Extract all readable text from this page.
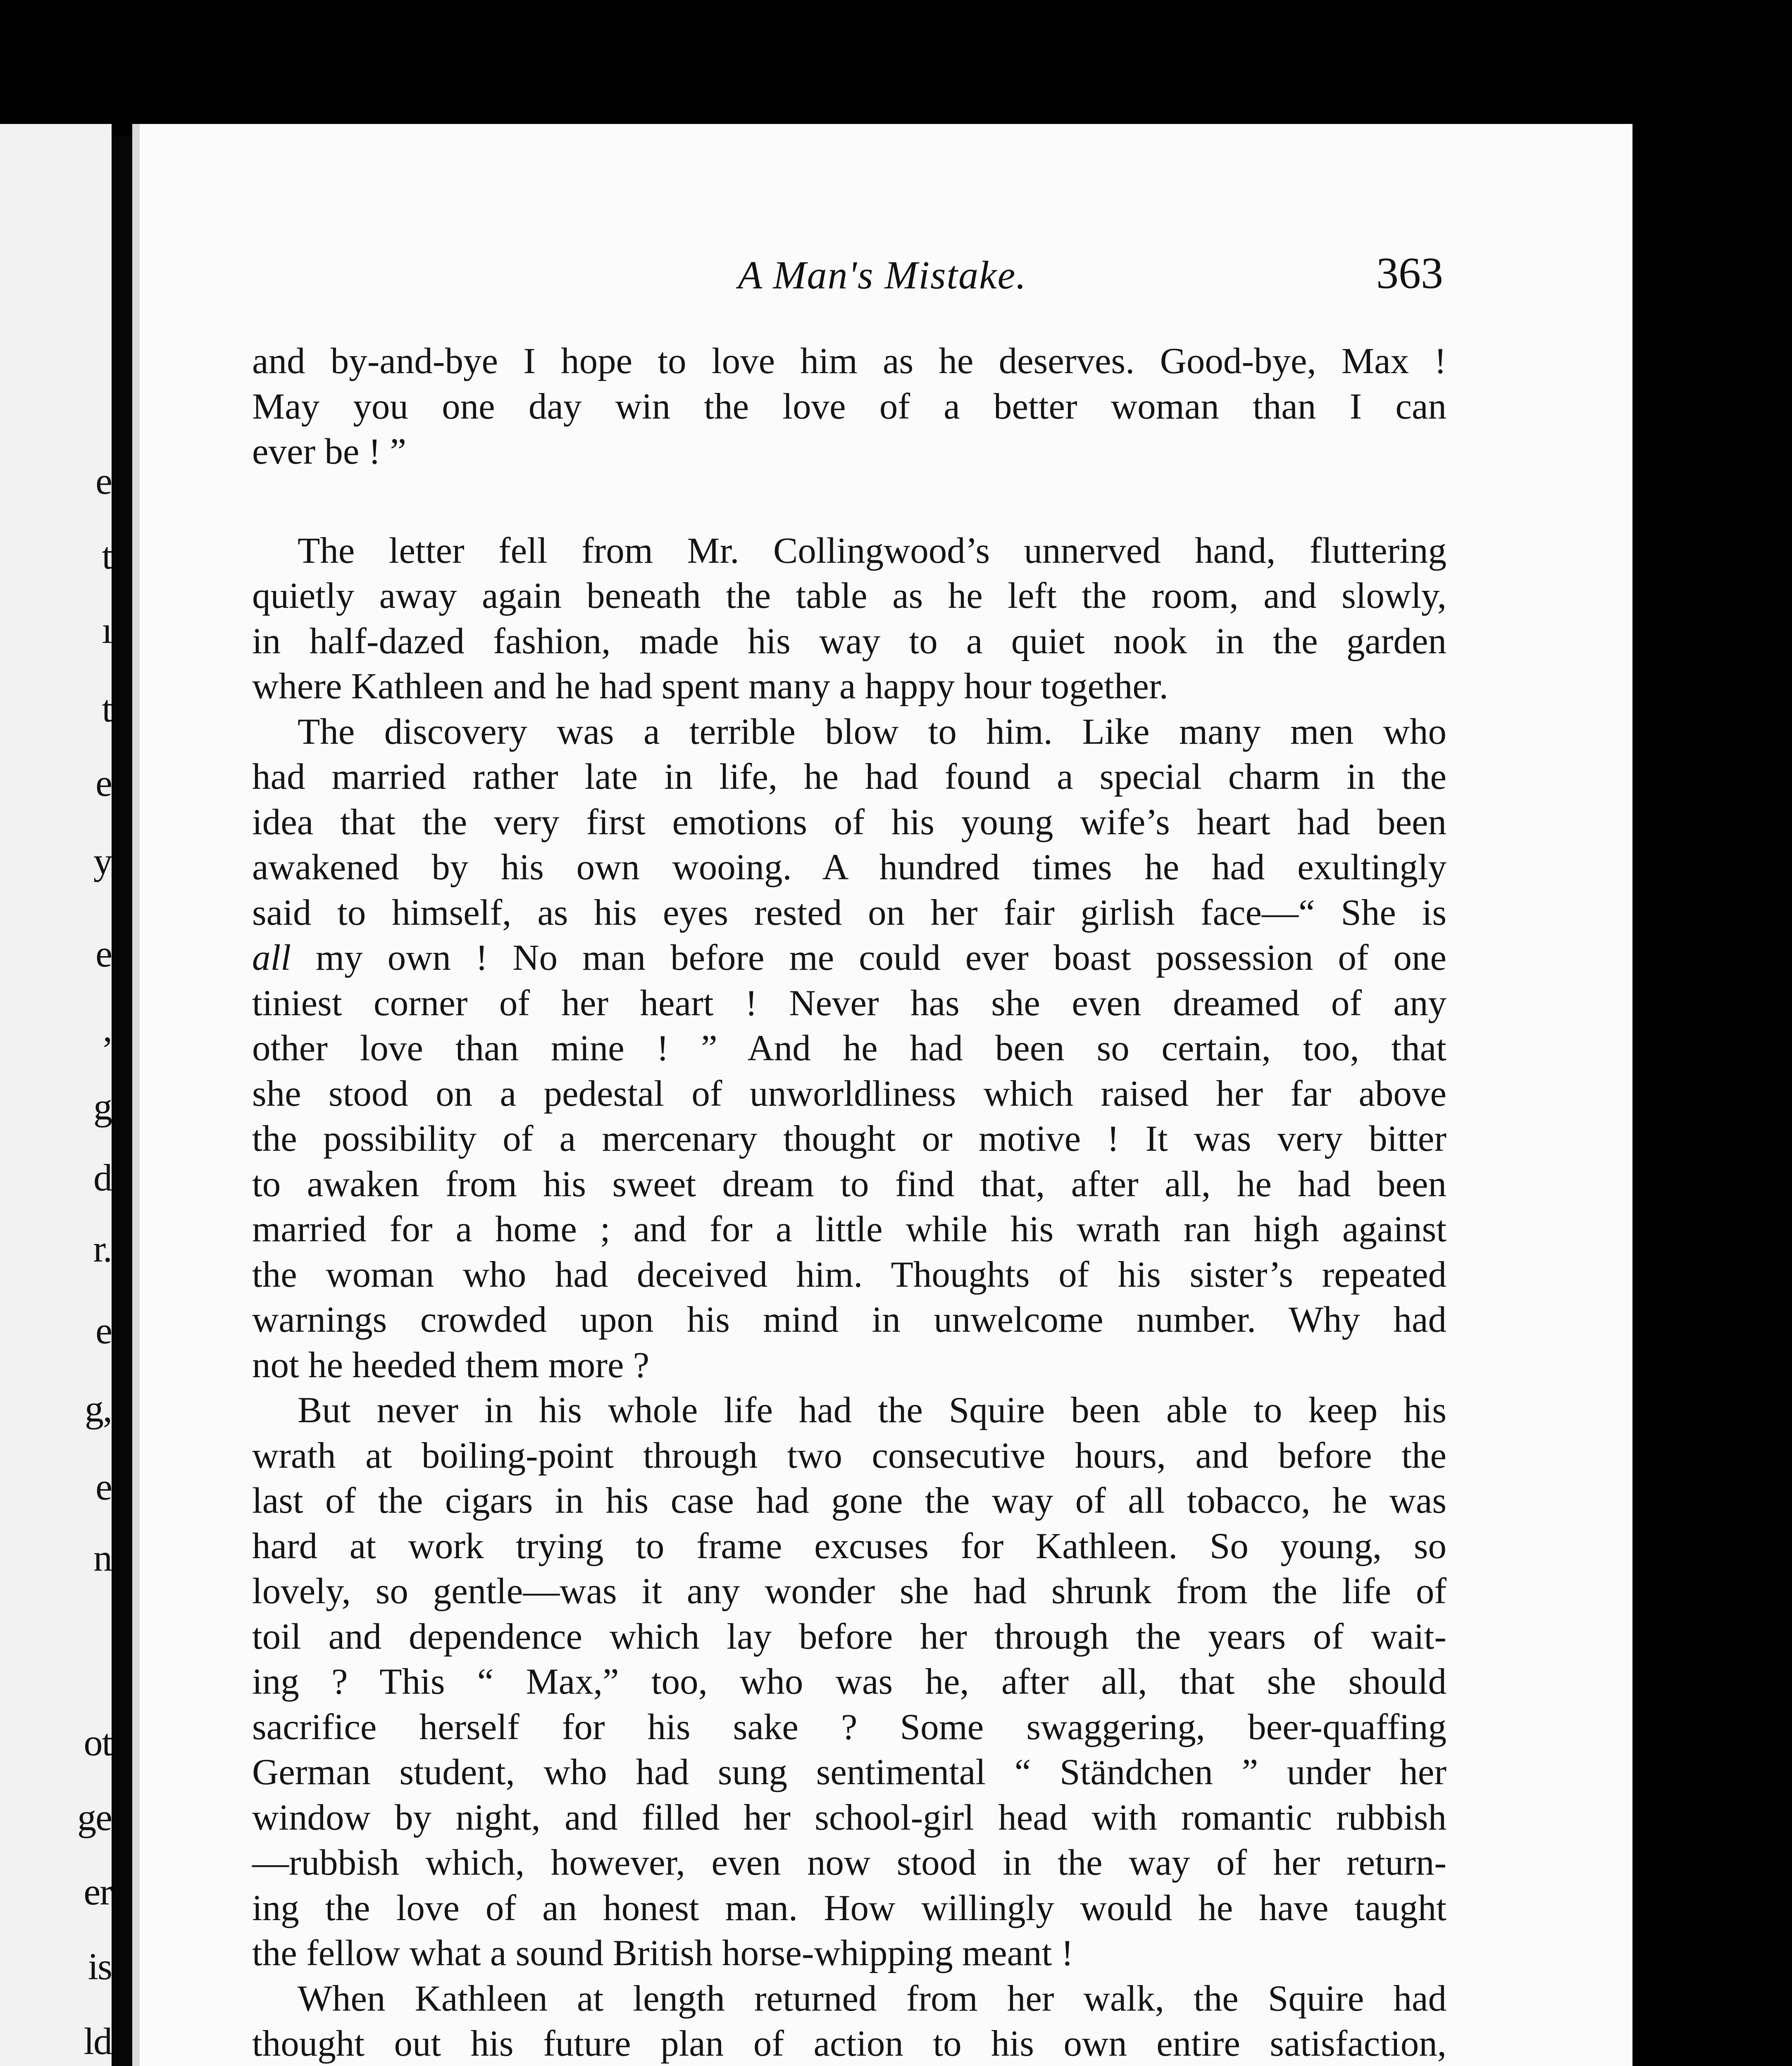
e
t
ı
t
e
y
e
,
g
d
r.
e
g,
e
n
ot
ge
er
is
ld
A Man's Mistake.	363
and by-and-bye I hope to love him as he deserves. Good-bye, Max !
May you one day win the love of a better woman than I can
ever be ! ”
The letter fell from Mr. Collingwood’s unnerved hand, fluttering
quietly away again beneath the table as he left the room, and slowly,
in half-dazed fashion, made his way to a quiet nook in the garden
where Kathleen and he had spent many a happy hour together.
The discovery was a terrible blow to him. Like many men who
had married rather late in life, he had found a special charm in the
idea that the very first emotions of his young wife’s heart had been
awakened by his own wooing. A hundred times he had exultingly
said to himself, as his eyes rested on her fair girlish face—“ She is
all my own ! No man before me could ever boast possession of one
tiniest corner of her heart ! Never has she even dreamed of any
other love than mine ! ” And he had been so certain, too, that
she stood on a pedestal of unworldliness which raised her far above
the possibility of a mercenary thought or motive ! It was very bitter
to awaken from his sweet dream to find that, after all, he had been
married for a home ; and for a little while his wrath ran high against
the woman who had deceived him. Thoughts of his sister’s repeated
warnings crowded upon his mind in unwelcome number. Why had
not he heeded them more ?
But never in his whole life had the Squire been able to keep his
wrath at boiling-point through two consecutive hours, and before the
last of the cigars in his case had gone the way of all tobacco, he was
hard at work trying to frame excuses for Kathleen. So young, so
lovely, so gentle—was it any wonder she had shrunk from the life of
toil and dependence which lay before her through the years of wait-
ing ? This “ Max,” too, who was he, after all, that she should
sacrifice herself for his sake ? Some swaggering, beer-quaffing
German student, who had sung sentimental “ Ständchen ” under her
window by night, and filled her school-girl head with romantic rubbish
—rubbish which, however, even now stood in the way of her return-
ing the love of an honest man. How willingly would he have taught
the fellow what a sound British horse-whipping meant !
When Kathleen at length returned from her walk, the Squire had
thought out his future plan of action to his own entire satisfaction,
